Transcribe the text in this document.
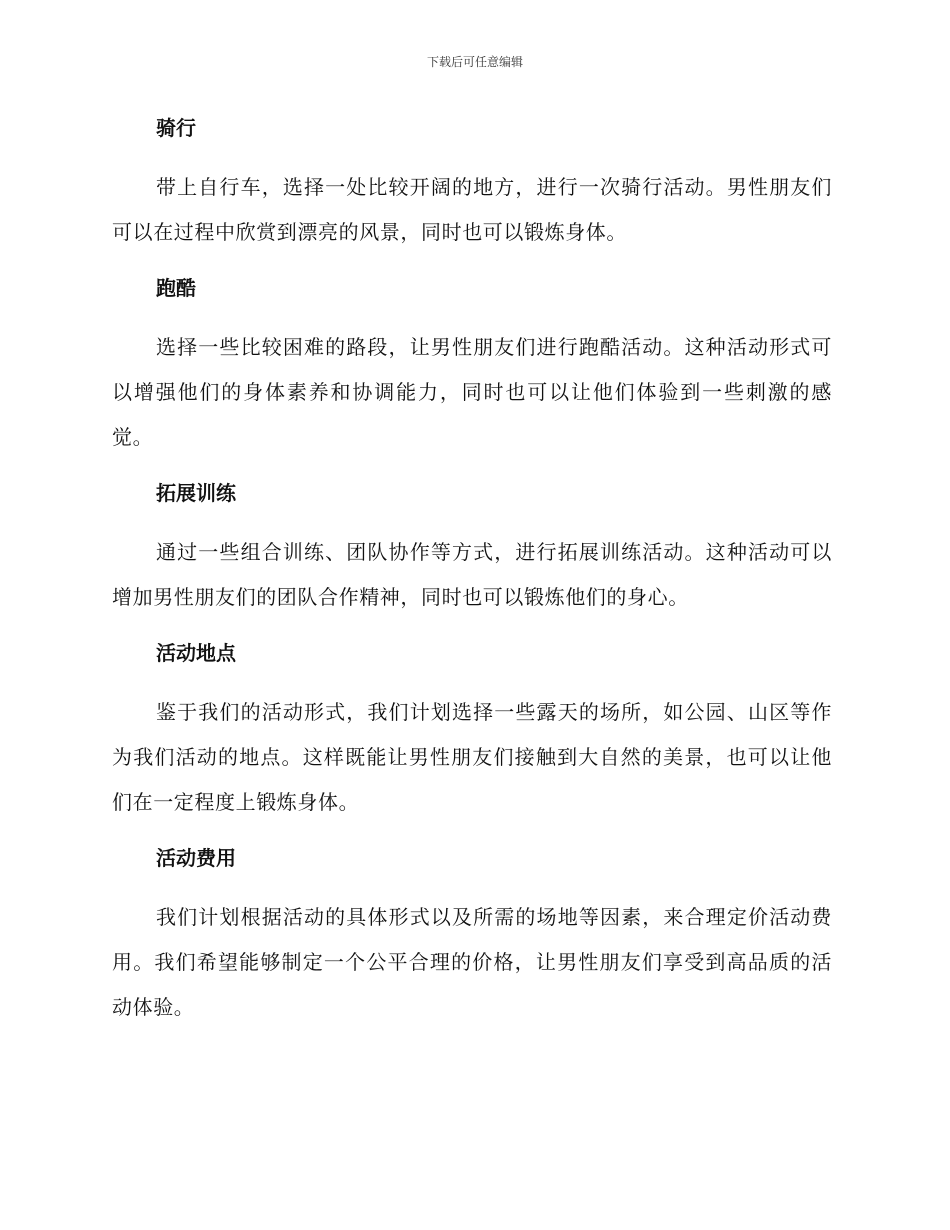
下载后可任意编辑
骑行

带上自行车，选择一处比较开阔的地方，进行一次骑行活动。男性朋友们可以在过程中欣赏到漂亮的风景，同时也可以锻炼身体。

跑酷

选择一些比较困难的路段，让男性朋友们进行跑酷活动。这种活动形式可以增强他们的身体素养和协调能力，同时也可以让他们体验到一些刺激的感觉。

拓展训练

通过一些组合训练、团队协作等方式，进行拓展训练活动。这种活动可以增加男性朋友们的团队合作精神，同时也可以锻炼他们的身心。

活动地点

鉴于我们的活动形式，我们计划选择一些露天的场所，如公园、山区等作为我们活动的地点。这样既能让男性朋友们接触到大自然的美景，也可以让他们在一定程度上锻炼身体。

活动费用

我们计划根据活动的具体形式以及所需的场地等因素，来合理定价活动费用。我们希望能够制定一个公平合理的价格，让男性朋友们享受到高品质的活动体验。
